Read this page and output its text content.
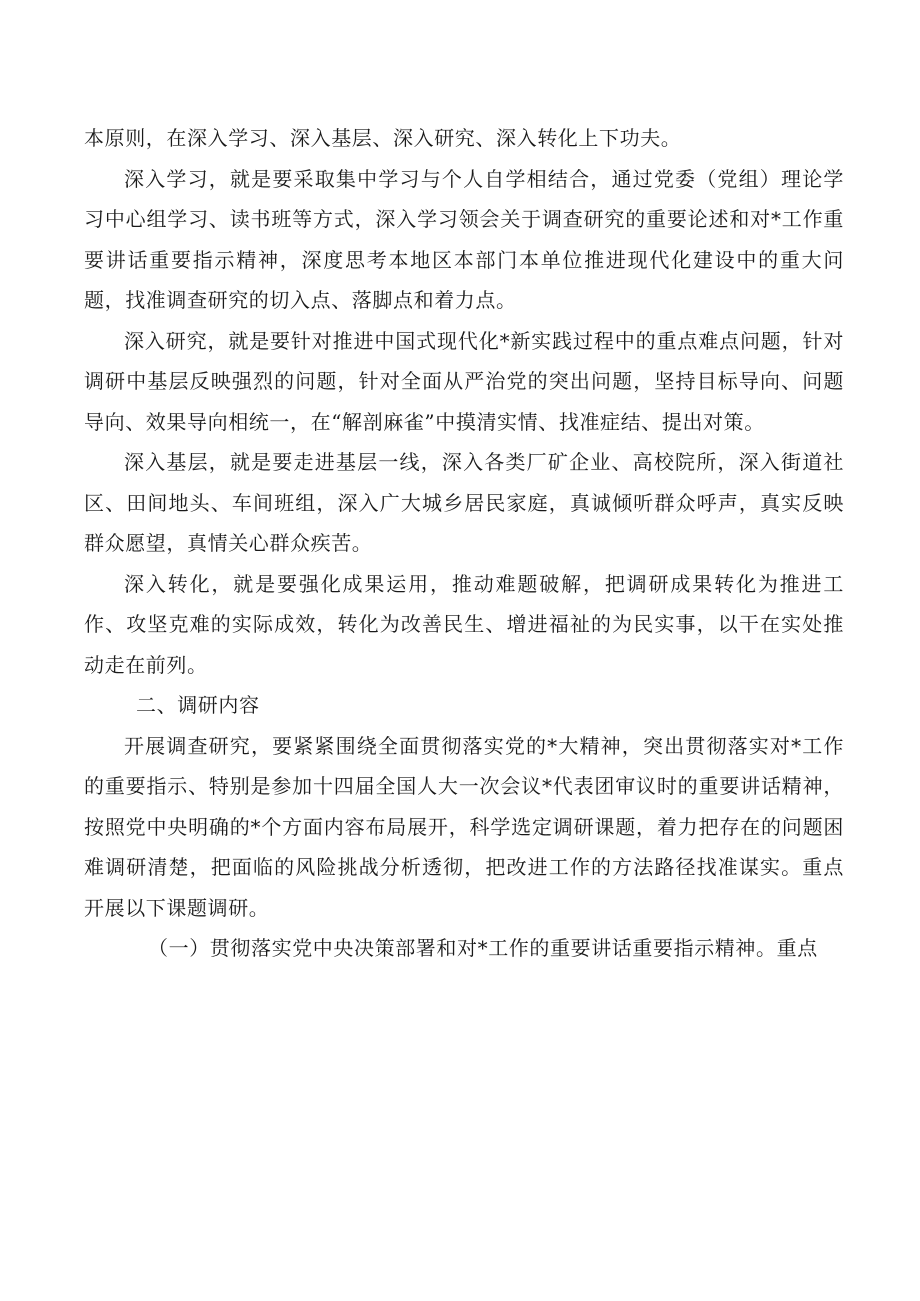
本原则，在深入学习、深入基层、深入研究、深入转化上下功夫。

深入学习，就是要采取集中学习与个人自学相结合，通过党委（党组）理论学习中心组学习、读书班等方式，深入学习领会关于调查研究的重要论述和对*工作重要讲话重要指示精神，深度思考本地区本部门本单位推进现代化建设中的重大问题，找准调查研究的切入点、落脚点和着力点。

深入研究，就是要针对推进中国式现代化*新实践过程中的重点难点问题，针对调研中基层反映强烈的问题，针对全面从严治党的突出问题，坚持目标导向、问题导向、效果导向相统一，在“解剖麻雀”中摸清实情、找准症结、提出对策。

深入基层，就是要走进基层一线，深入各类厂矿企业、高校院所，深入街道社区、田间地头、车间班组，深入广大城乡居民家庭，真诚倾听群众呼声，真实反映群众愿望，真情关心群众疾苦。

深入转化，就是要强化成果运用，推动难题破解，把调研成果转化为推进工作、攻坚克难的实际成效，转化为改善民生、增进福祉的为民实事，以干在实处推动走在前列。

二、调研内容

开展调查研究，要紧紧围绕全面贯彻落实党的*大精神，突出贯彻落实对*工作的重要指示、特别是参加十四届全国人大一次会议*代表团审议时的重要讲话精神，按照党中央明确的*个方面内容布局展开，科学选定调研课题，着力把存在的问题困难调研清楚，把面临的风险挑战分析透彻，把改进工作的方法路径找准谋实。重点开展以下课题调研。

（一）贯彻落实党中央决策部署和对*工作的重要讲话重要指示精神。重点
